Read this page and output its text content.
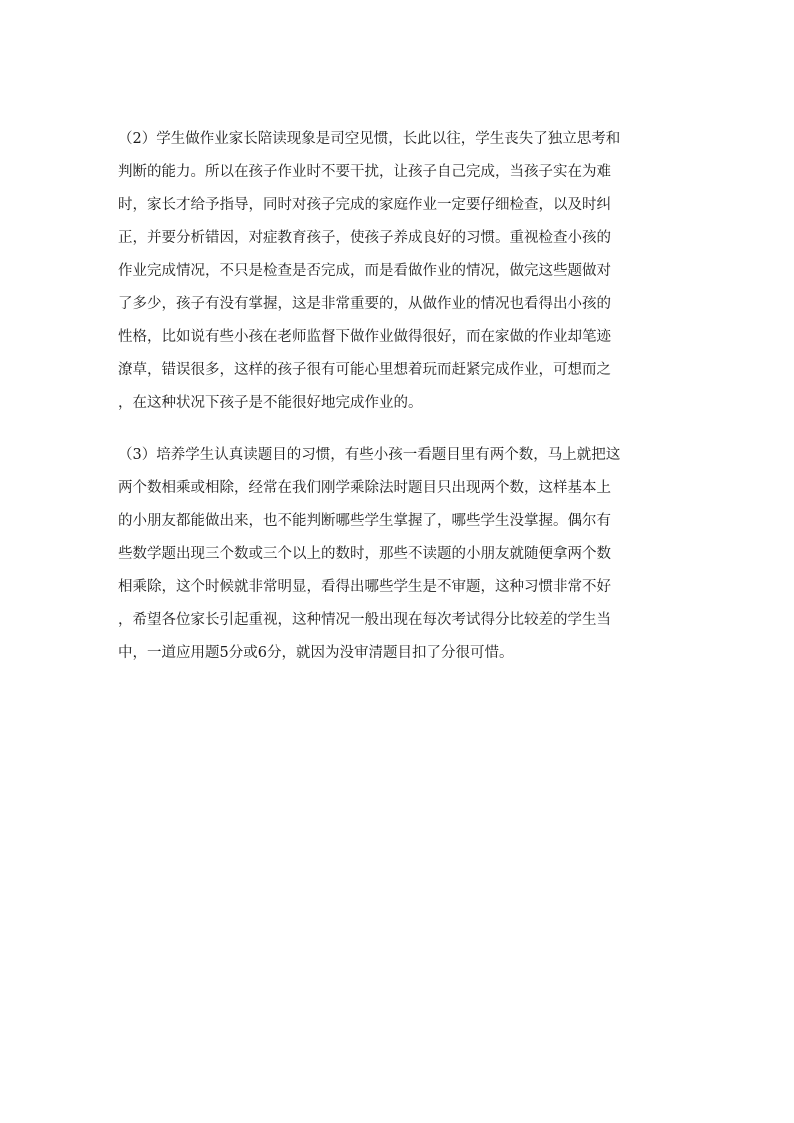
（2）学生做作业家长陪读现象是司空见惯，长此以往，学生丧失了独立思考和
判断的能力。所以在孩子作业时不要干扰，让孩子自己完成，当孩子实在为难
时，家长才给予指导，同时对孩子完成的家庭作业一定要仔细检查，以及时纠
正，并要分析错因，对症教育孩子，使孩子养成良好的习惯。重视检查小孩的
作业完成情况，不只是检查是否完成，而是看做作业的情况，做完这些题做对
了多少，孩子有没有掌握，这是非常重要的，从做作业的情况也看得出小孩的
性格，比如说有些小孩在老师监督下做作业做得很好，而在家做的作业却笔迹
潦草，错误很多，这样的孩子很有可能心里想着玩而赶紧完成作业，可想而之
，在这种状况下孩子是不能很好地完成作业的。
（3）培养学生认真读题目的习惯，有些小孩一看题目里有两个数，马上就把这
两个数相乘或相除，经常在我们刚学乘除法时题目只出现两个数，这样基本上
的小朋友都能做出来，也不能判断哪些学生掌握了，哪些学生没掌握。偶尔有
些数学题出现三个数或三个以上的数时，那些不读题的小朋友就随便拿两个数
相乘除，这个时候就非常明显，看得出哪些学生是不审题，这种习惯非常不好
，希望各位家长引起重视，这种情况一般出现在每次考试得分比较差的学生当
中，一道应用题5分或6分，就因为没审清题目扣了分很可惜。
